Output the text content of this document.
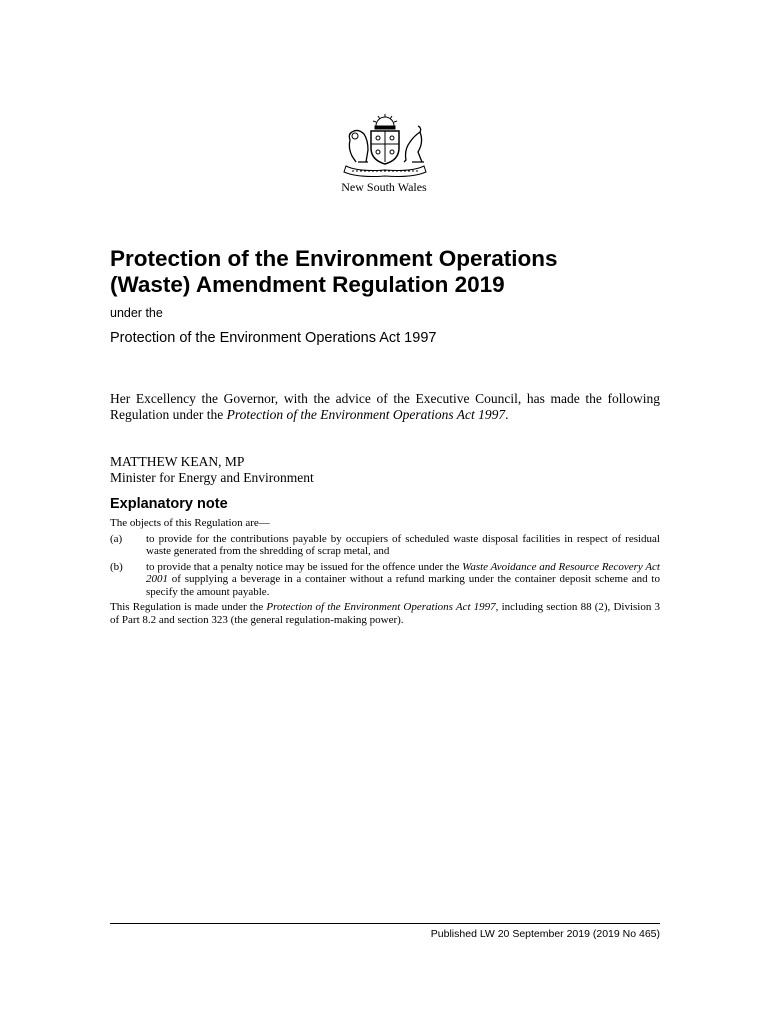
New South Wales
Protection of the Environment Operations
(Waste) Amendment Regulation 2019
under the
Protection of the Environment Operations Act 1997

Her Excellency the Governor, with the advice of the Executive Council, has made the following Regulation under the Protection of the Environment Operations Act 1997.

MATTHEW KEAN, MP
Minister for Energy and Environment
Explanatory note

The objects of this Regulation are—

(a)	to provide for the contributions payable by occupiers of scheduled waste disposal facilities in respect of residual waste generated from the shredding of scrap metal, and
(b)	to provide that a penalty notice may be issued for the offence under the Waste Avoidance and Resource Recovery Act 2001 of supplying a beverage in a container without a refund marking under the container deposit scheme and to specify the amount payable.

This Regulation is made under the Protection of the Environment Operations Act 1997, including section 88 (2), Division 3 of Part 8.2 and section 323 (the general regulation-making power).

Published LW 20 September 2019 (2019 No 465)
